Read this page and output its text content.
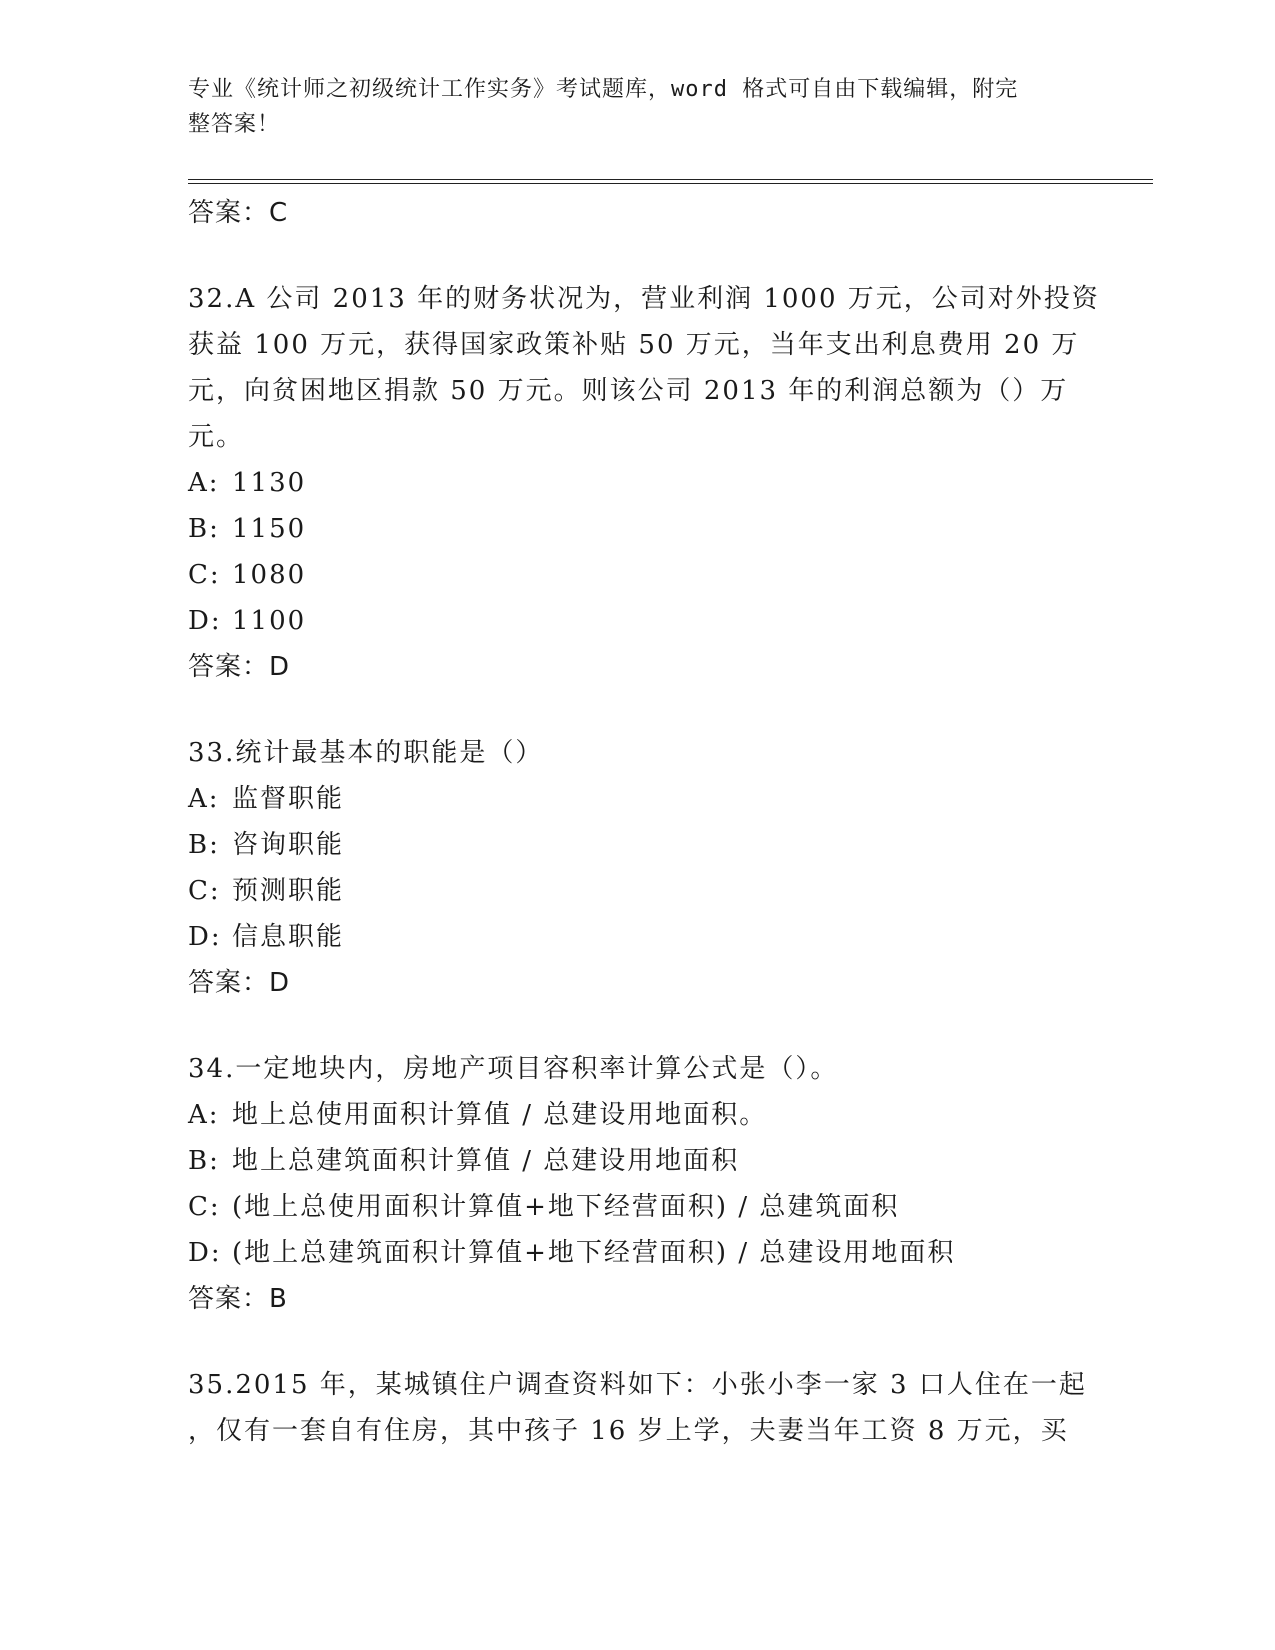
专业《统计师之初级统计工作实务》考试题库，word 格式可自由下载编辑，附完
整答案！
答案：C
32.A 公司 2013 年的财务状况为，营业利润 1000 万元，公司对外投资
获益 100 万元，获得国家政策补贴 50 万元，当年支出利息费用 20 万
元，向贫困地区捐款 50 万元。则该公司 2013 年的利润总额为（）万
元。
A: 1130
B: 1150
C: 1080
D: 1100
答案：D
33.统计最基本的职能是（）
A: 监督职能
B: 咨询职能
C: 预测职能
D: 信息职能
答案：D
34.一定地块内，房地产项目容积率计算公式是（）。
A: 地上总使用面积计算值 / 总建设用地面积。
B: 地上总建筑面积计算值 / 总建设用地面积
C: (地上总使用面积计算值+地下经营面积) / 总建筑面积
D: (地上总建筑面积计算值+地下经营面积) / 总建设用地面积
答案：B
35.2015 年，某城镇住户调查资料如下：小张小李一家 3 口人住在一起
，仅有一套自有住房，其中孩子 16 岁上学，夫妻当年工资 8 万元，买
